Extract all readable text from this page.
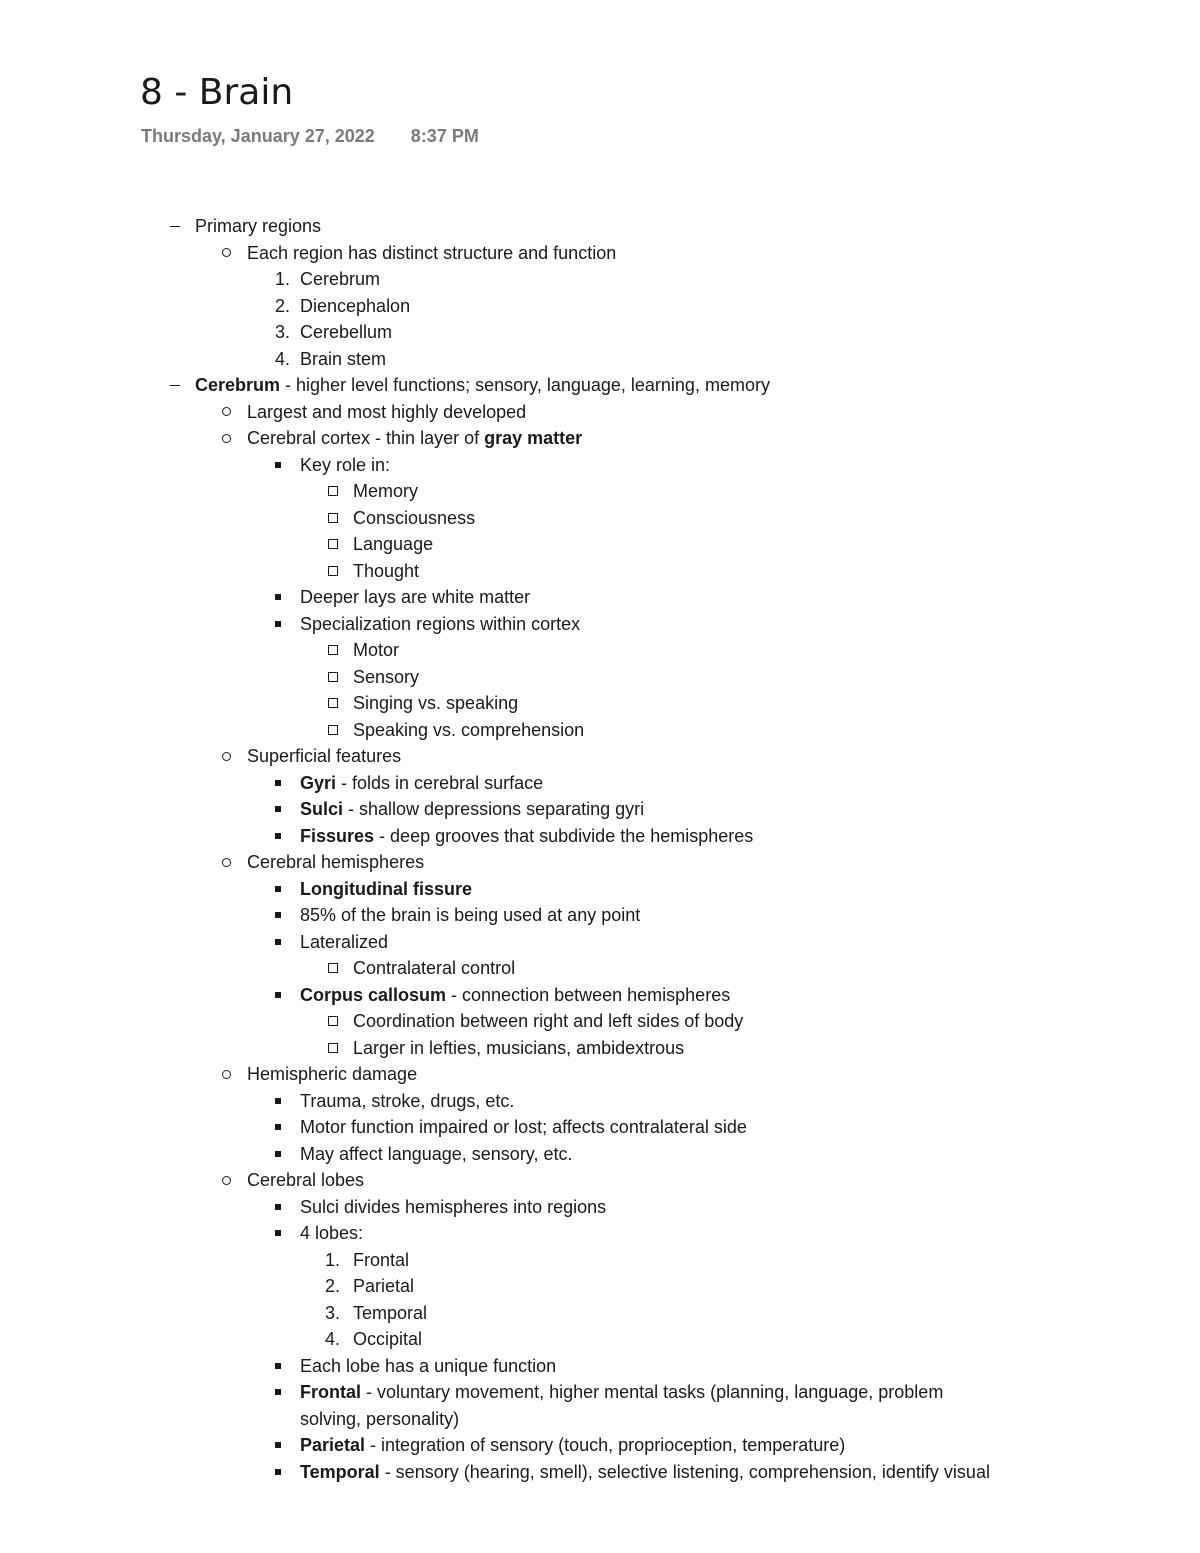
8 - Brain
Thursday, January 27, 2022 8:37 PM
Primary regions
Each region has distinct structure and function
1. Cerebrum
2. Diencephalon
3. Cerebellum
4. Brain stem
Cerebrum - higher level functions; sensory, language, learning, memory
Largest and most highly developed
Cerebral cortex - thin layer of gray matter
Key role in:
Memory
Consciousness
Language
Thought
Deeper lays are white matter
Specialization regions within cortex
Motor
Sensory
Singing vs. speaking
Speaking vs. comprehension
Superficial features
Gyri - folds in cerebral surface
Sulci - shallow depressions separating gyri
Fissures - deep grooves that subdivide the hemispheres
Cerebral hemispheres
Longitudinal fissure
85% of the brain is being used at any point
Lateralized
Contralateral control
Corpus callosum - connection between hemispheres
Coordination between right and left sides of body
Larger in lefties, musicians, ambidextrous
Hemispheric damage
Trauma, stroke, drugs, etc.
Motor function impaired or lost; affects contralateral side
May affect language, sensory, etc.
Cerebral lobes
Sulci divides hemispheres into regions
4 lobes:
1. Frontal
2. Parietal
3. Temporal
4. Occipital
Each lobe has a unique function
Frontal - voluntary movement, higher mental tasks (planning, language, problem
solving, personality)
Parietal - integration of sensory (touch, proprioception, temperature)
Temporal - sensory (hearing, smell), selective listening, comprehension, identify visual
